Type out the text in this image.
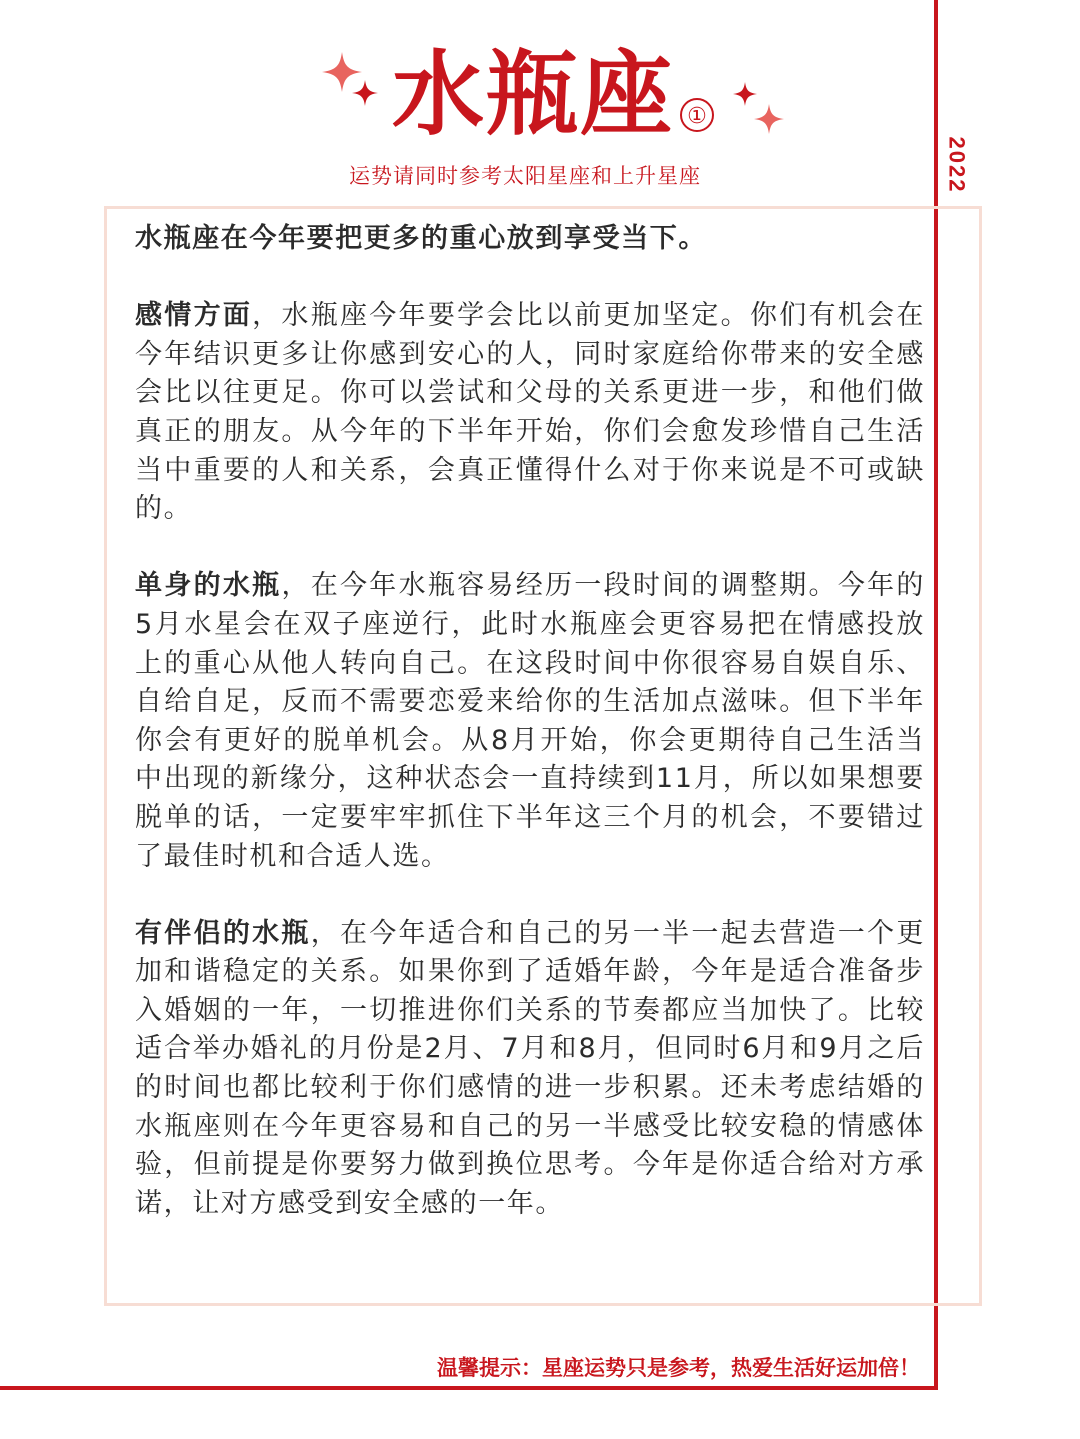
2022
水瓶座 ①
运势请同时参考太阳星座和上升星座

水瓶座在今年要把更多的重心放到享受当下。

感情方面，水瓶座今年要学会比以前更加坚定。你们有机会在今年结识更多让你感到安心的人，同时家庭给你带来的安全感会比以往更足。你可以尝试和父母的关系更进一步，和他们做真正的朋友。从今年的下半年开始，你们会愈发珍惜自己生活当中重要的人和关系，会真正懂得什么对于你来说是不可或缺的。

单身的水瓶，在今年水瓶容易经历一段时间的调整期。今年的5月水星会在双子座逆行，此时水瓶座会更容易把在情感投放上的重心从他人转向自己。在这段时间中你很容易自娱自乐、自给自足，反而不需要恋爱来给你的生活加点滋味。但下半年你会有更好的脱单机会。从8月开始，你会更期待自己生活当中出现的新缘分，这种状态会一直持续到11月，所以如果想要脱单的话，一定要牢牢抓住下半年这三个月的机会，不要错过了最佳时机和合适人选。

有伴侣的水瓶，在今年适合和自己的另一半一起去营造一个更加和谐稳定的关系。如果你到了适婚年龄，今年是适合准备步入婚姻的一年，一切推进你们关系的节奏都应当加快了。比较适合举办婚礼的月份是2月、7月和8月，但同时6月和9月之后的时间也都比较利于你们感情的进一步积累。还未考虑结婚的水瓶座则在今年更容易和自己的另一半感受比较安稳的情感体验，但前提是你要努力做到换位思考。今年是你适合给对方承诺，让对方感受到安全感的一年。

温馨提示：星座运势只是参考，热爱生活好运加倍！
